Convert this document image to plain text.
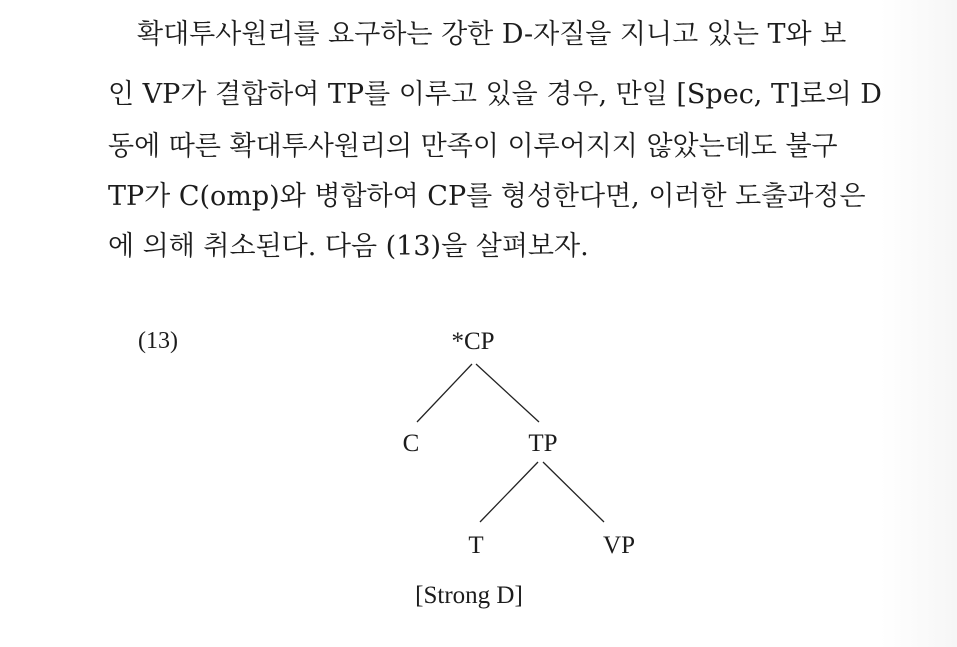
확대투사원리를 요구하는 강한 D-자질을 지니고 있는 T와 보
인 VP가 결합하여 TP를 이루고 있을 경우, 만일 [Spec, T]로의 D
동에 따른 확대투사원리의 만족이 이루어지지 않았는데도 불구
TP가 C(omp)와 병합하여 CP를 형성한다면, 이러한 도출과정은
에 의해 취소된다. 다음 (13)을 살펴보자.
(13)	*CP
C	TP
T	VP
[Strong D]
